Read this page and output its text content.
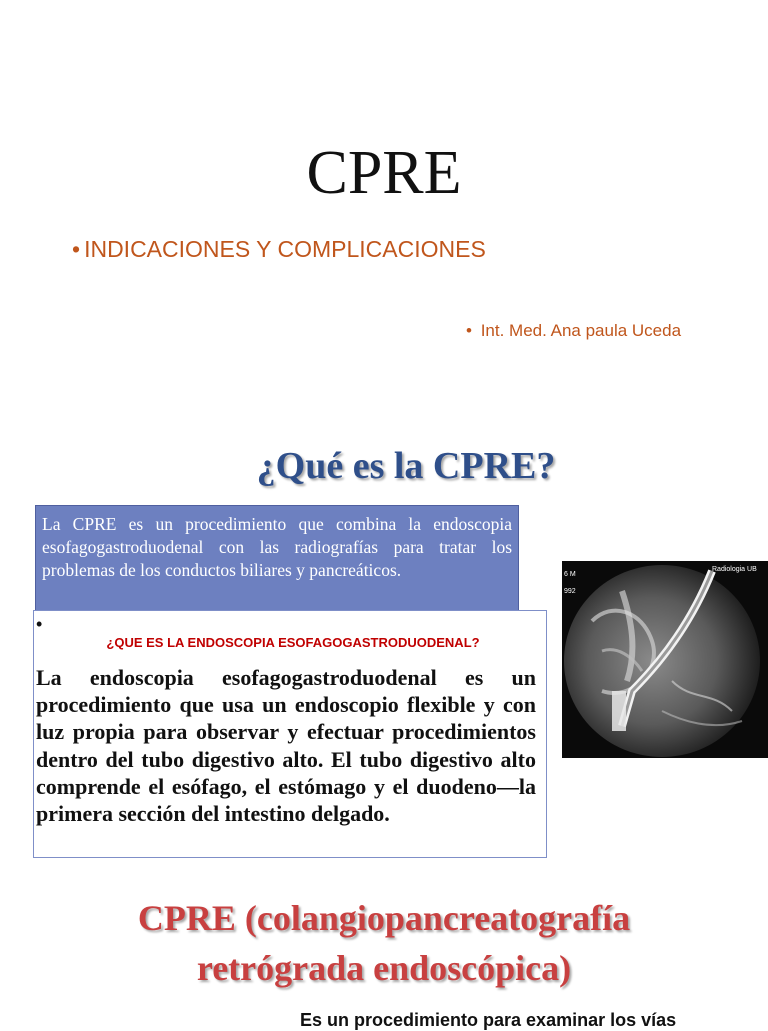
CPRE
• INDICACIONES Y COMPLICACIONES
• Int. Med. Ana paula Uceda
¿Qué es la CPRE?
La CPRE es un procedimiento que combina la endoscopia esofagogastroduodenal con las radiografías para tratar los problemas de los conductos biliares y pancreáticos.
•
¿QUE ES LA ENDOSCOPIA ESOFAGOGASTRODUODENAL?
La endoscopia esofagogastroduodenal es un procedimiento que usa un endoscopio flexible y con luz propia para observar y efectuar procedimientos dentro del tubo digestivo alto. El tubo digestivo alto comprende el esófago, el estómago y el duodeno—la primera sección del intestino delgado.
6 M
992
Radiologia UB
CPRE (colangiopancreatografía
retrógrada endoscópica)
Es un procedimiento para examinar los vías
